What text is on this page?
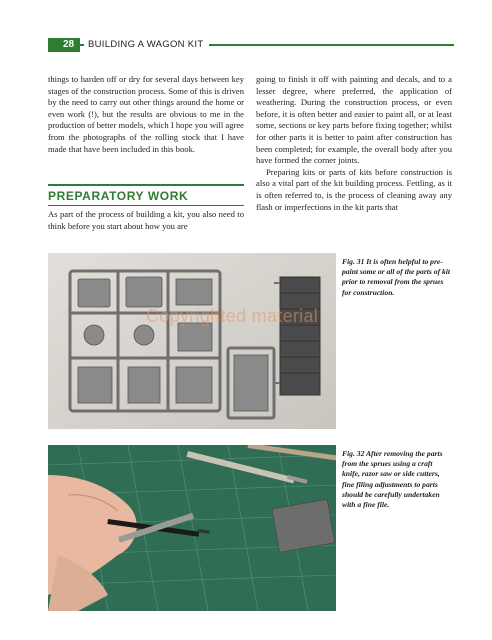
28	BUILDING A WAGON KIT

things to harden off or dry for several days between key stages of the construction process. Some of this is driven by the need to carry out other things around the home or even work (!), but the results are obvious to me in the production of better models, which I hope you will agree from the photographs of the rolling stock that I have made that have been included in this book.

PREPARATORY WORK

As part of the process of building a kit, you also need to think before you start about how you are

going to finish it off with painting and decals, and to a lesser degree, where preferred, the application of weathering. During the construction process, or even before, it is often better and easier to paint all, or at least some, sections or key parts before fixing together; whilst for other parts it is better to paint after construction has been completed; for example, the overall body after you have formed the corner joints.

Preparing kits or parts of kits before construction is also a vital part of the kit building process. Fettling, as it is often referred to, is the process of cleaning away any flash or imperfections in the kit parts that

Copyrighted material
Fig. 31 It is often helpful to pre-paint some or all of the parts of kit prior to removal from the sprues for construction.
Fig. 32 After removing the parts from the sprues using a craft knife, razor saw or side cutters, fine filing adjustments to parts should be carefully undertaken with a fine file.
